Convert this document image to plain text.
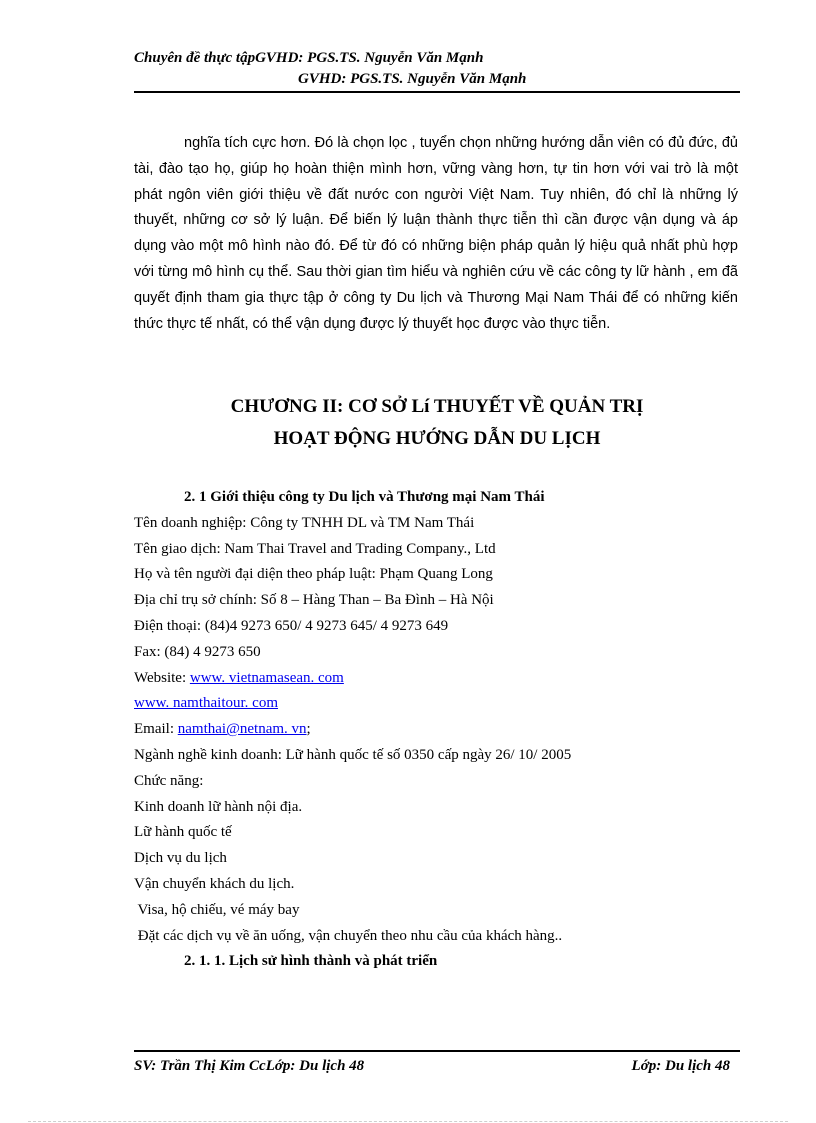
Chuyên đề thực tậpGVHD: PGS.TS. Nguyễn Văn Mạnh
GVHD: PGS.TS. Nguyễn Văn Mạnh

nghĩa tích cực hơn. Đó là chọn lọc , tuyển chọn những hướng dẫn viên có đủ đức, đủ tài, đào tạo họ, giúp họ hoàn thiện mình hơn, vững vàng hơn, tự tin hơn với vai trò là một phát ngôn viên giới thiệu về đất nước con người Việt Nam. Tuy nhiên, đó chỉ là những lý thuyết, những cơ sở lý luận. Để biến lý luận thành thực tiễn thì cần được vận dụng và áp dụng vào một mô hình nào đó. Để từ đó có những biện pháp quản lý hiệu quả nhất phù hợp với từng mô hình cụ thể. Sau thời gian tìm hiểu và nghiên cứu về các công ty lữ hành , em đã quyết định tham gia thực tập ở công ty Du lịch và Thương Mại Nam Thái để có những kiến thức thực tế nhất, có thể vận dụng được lý thuyết học được vào thực tiễn.

CHƯƠNG II: CƠ SỞ Lí THUYẾT VỀ QUẢN TRỊ
HOẠT ĐỘNG HƯỚNG DẪN DU LỊCH
2. 1 Giới thiệu công ty Du lịch và Thương mại Nam Thái
Tên doanh nghiệp: Công ty TNHH DL và TM Nam Thái
Tên giao dịch: Nam Thai Travel and Trading Company., Ltd
Họ và tên người đại diện theo pháp luật: Phạm Quang Long
Địa chỉ trụ sở chính: Số 8 – Hàng Than – Ba Đình – Hà Nội
Điện thoại: (84)4 9273 650/ 4 9273 645/ 4 9273 649
Fax: (84) 4 9273 650
Website: www. vietnamasean. com
www. namthaitour. com
Email: namthai@netnam. vn;
Ngành nghề kinh doanh: Lữ hành quốc tế số 0350 cấp ngày 26/ 10/ 2005
Chức năng:
Kinh doanh lữ hành nội địa.
Lữ hành quốc tế
Dịch vụ du lịch
Vận chuyển khách du lịch.
Visa, hộ chiếu, vé máy bay
Đặt các dịch vụ về ăn uống, vận chuyển theo nhu cầu của khách hàng..
2. 1. 1. Lịch sử hình thành và phát triển
SV: Trần Thị Kim CcLớp: Du lịch 48	Lớp: Du lịch 48
